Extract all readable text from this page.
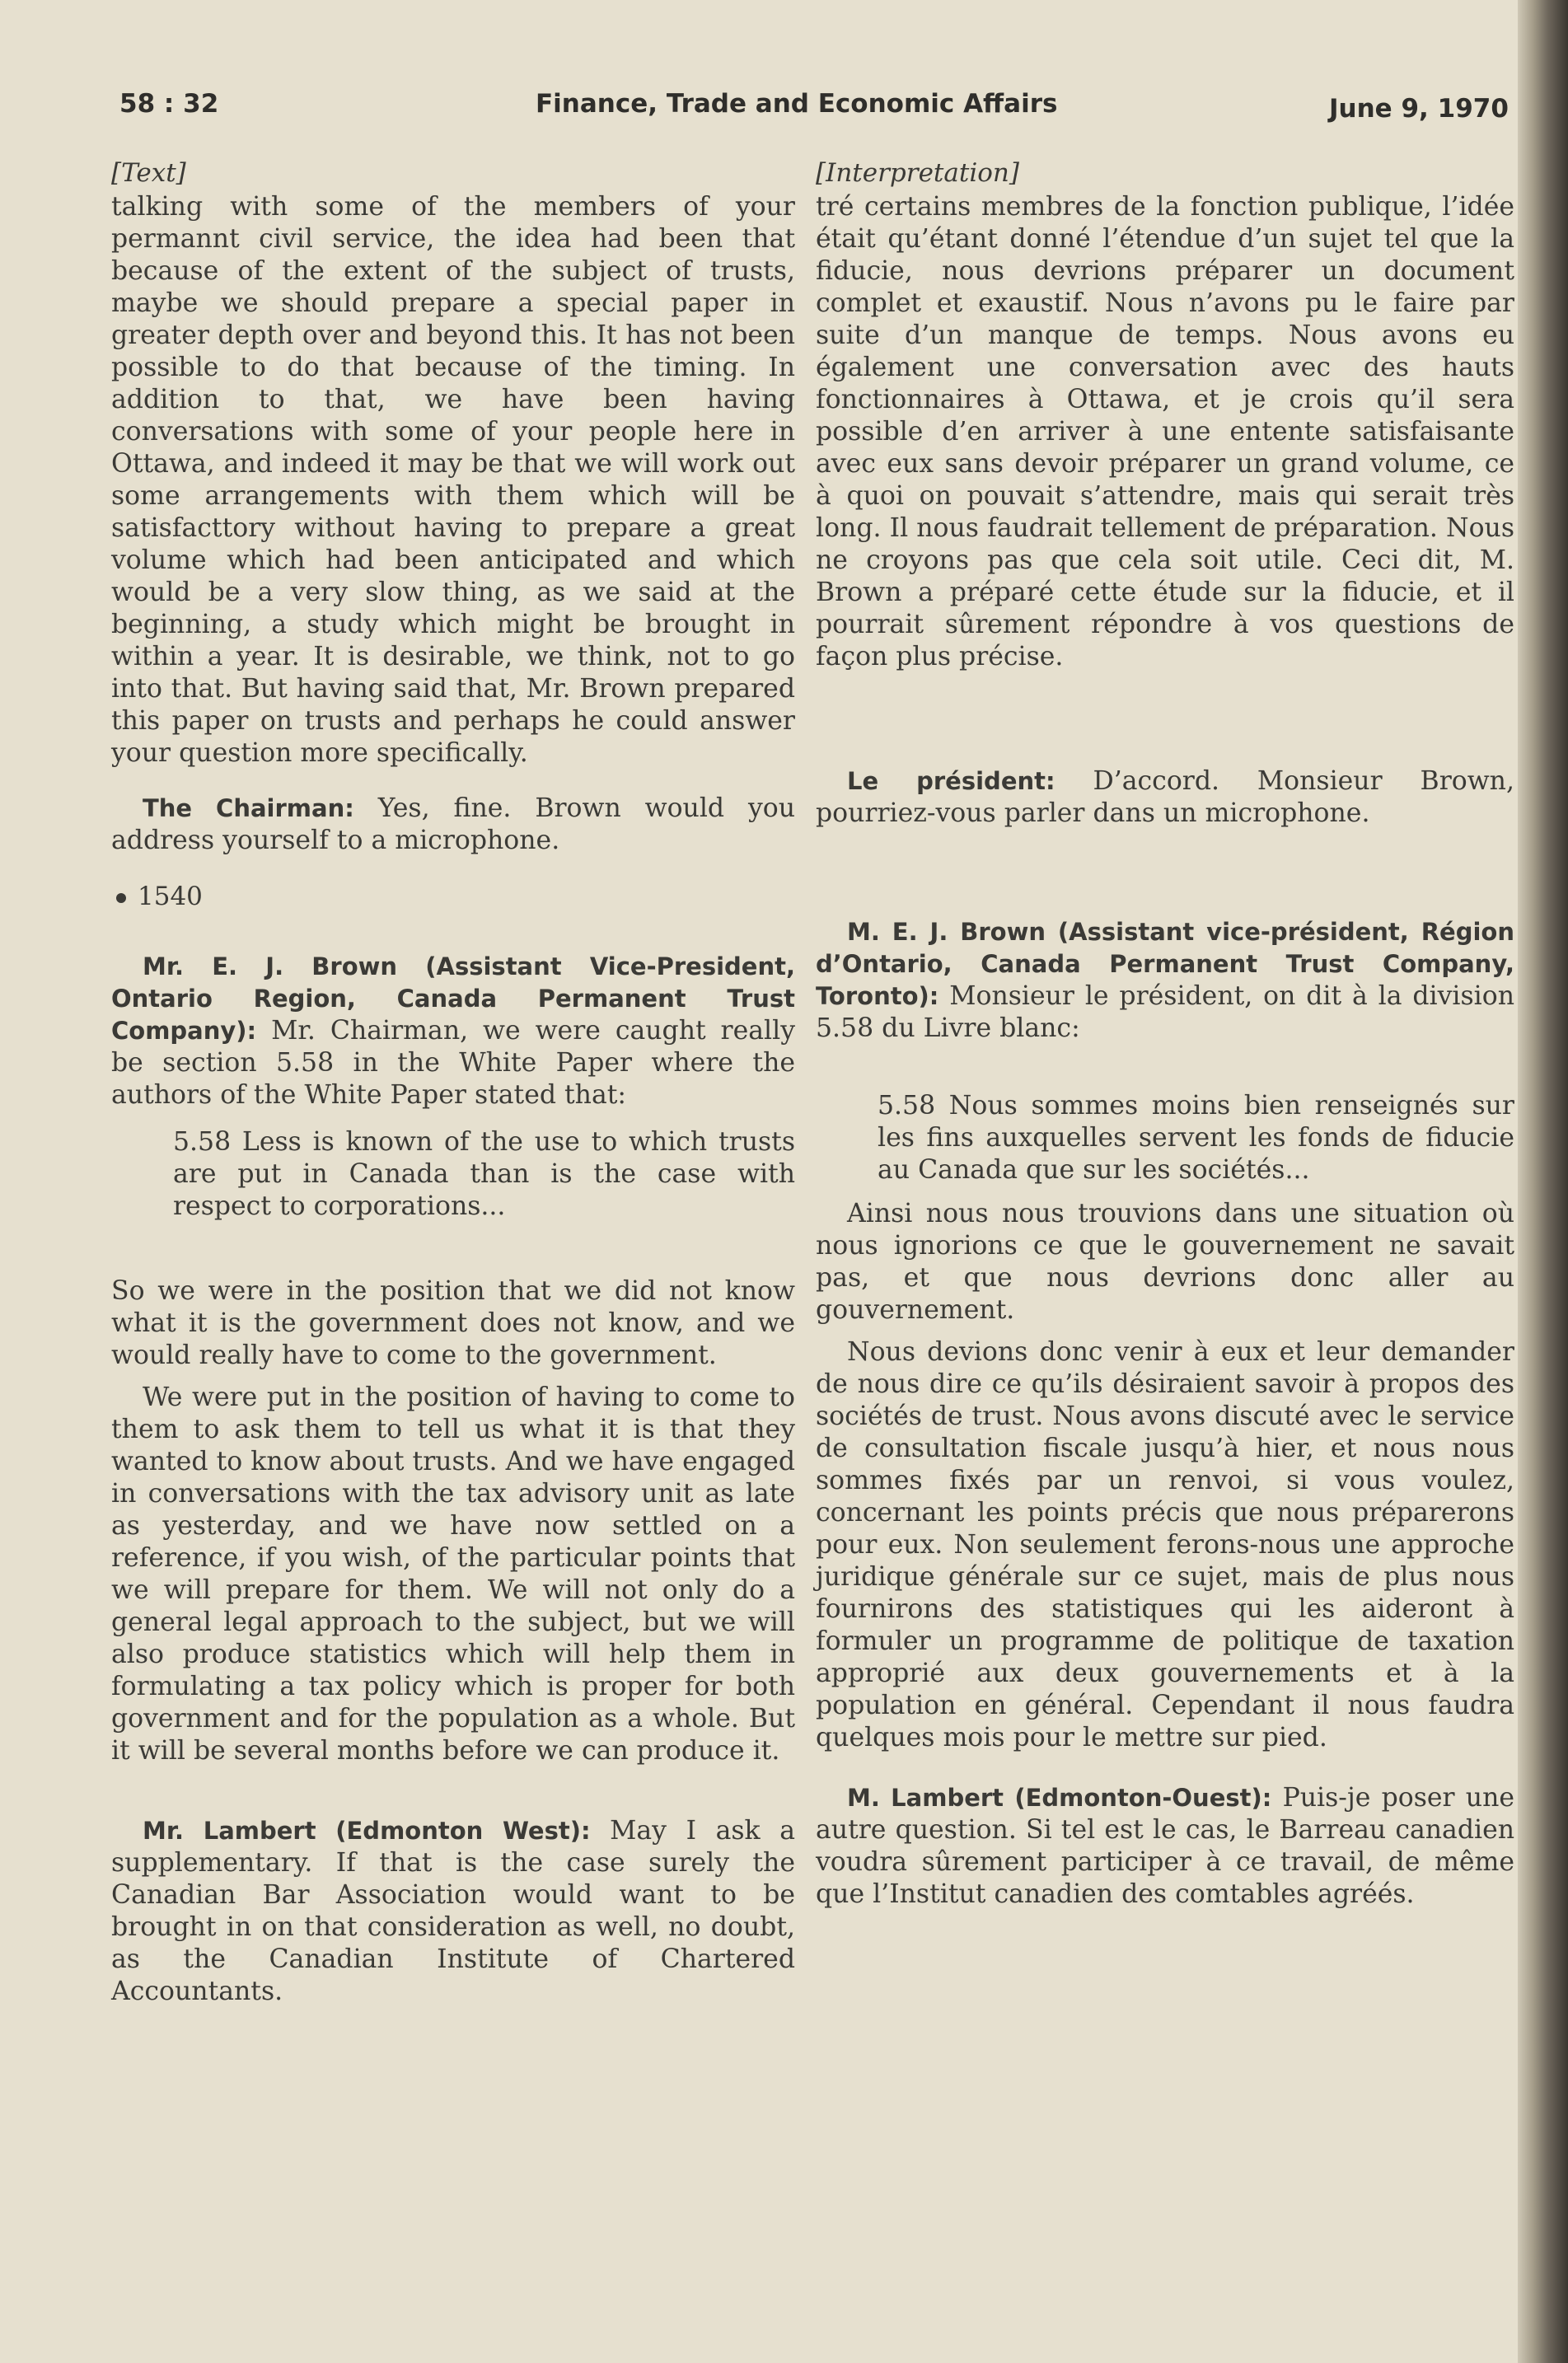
58 : 32	Finance, Trade and Economic Affairs	June 9, 1970
[Text]

talking with some of the members of your permannt civil service, the idea had been that because of the extent of the subject of trusts, maybe we should prepare a special paper in greater depth over and beyond this. It has not been possible to do that because of the timing. In addition to that, we have been having conversations with some of your people here in Ottawa, and indeed it may be that we will work out some arrangements with them which will be satisfacttory without having to prepare a great volume which had been anticipated and which would be a very slow thing, as we said at the beginning, a study which might be brought in within a year. It is desirable, we think, not to go into that. But having said that, Mr. Brown prepared this paper on trusts and perhaps he could answer your question more specifically.

The Chairman: Yes, fine. Brown would you address yourself to a microphone.

1540

Mr. E. J. Brown (Assistant Vice-President, Ontario Region, Canada Permanent Trust Company): Mr. Chairman, we were caught really be section 5.58 in the White Paper where the authors of the White Paper stated that:

5.58 Less is known of the use to which trusts are put in Canada than is the case with respect to corporations...

So we were in the position that we did not know what it is the government does not know, and we would really have to come to the government.

We were put in the position of having to come to them to ask them to tell us what it is that they wanted to know about trusts. And we have engaged in conversations with the tax advisory unit as late as yesterday, and we have now settled on a reference, if you wish, of the particular points that we will prepare for them. We will not only do a general legal approach to the subject, but we will also produce statistics which will help them in formulating a tax policy which is proper for both government and for the population as a whole. But it will be several months before we can produce it.

Mr. Lambert (Edmonton West): May I ask a supplementary. If that is the case surely the Canadian Bar Association would want to be brought in on that consideration as well, no doubt, as the Canadian Institute of Chartered Accountants.

[Interpretation]

tré certains membres de la fonction publique, l’idée était qu’étant donné l’étendue d’un sujet tel que la fiducie, nous devrions préparer un document complet et exaustif. Nous n’avons pu le faire par suite d’un manque de temps. Nous avons eu également une conversation avec des hauts fonctionnaires à Ottawa, et je crois qu’il sera possible d’en arriver à une entente satisfaisante avec eux sans devoir préparer un grand volume, ce à quoi on pouvait s’attendre, mais qui serait très long. Il nous faudrait tellement de préparation. Nous ne croyons pas que cela soit utile. Ceci dit, M. Brown a préparé cette étude sur la fiducie, et il pourrait sûrement répondre à vos questions de façon plus précise.

Le président: D’accord. Monsieur Brown, pourriez-vous parler dans un microphone.

M. E. J. Brown (Assistant vice-président, Région d’Ontario, Canada Permanent Trust Company, Toronto): Monsieur le président, on dit à la division 5.58 du Livre blanc:

5.58 Nous sommes moins bien renseignés sur les fins auxquelles servent les fonds de fiducie au Canada que sur les sociétés...

Ainsi nous nous trouvions dans une situation où nous ignorions ce que le gouvernement ne savait pas, et que nous devrions donc aller au gouvernement.

Nous devions donc venir à eux et leur demander de nous dire ce qu’ils désiraient savoir à propos des sociétés de trust. Nous avons discuté avec le service de consultation fiscale jusqu’à hier, et nous nous sommes fixés par un renvoi, si vous voulez, concernant les points précis que nous préparerons pour eux. Non seulement ferons-nous une approche juridique générale sur ce sujet, mais de plus nous fournirons des statistiques qui les aideront à formuler un programme de politique de taxation approprié aux deux gouvernements et à la population en général. Cependant il nous faudra quelques mois pour le mettre sur pied.

M. Lambert (Edmonton-Ouest): Puis-je poser une autre question. Si tel est le cas, le Barreau canadien voudra sûrement participer à ce travail, de même que l’Institut canadien des comtables agréés.
